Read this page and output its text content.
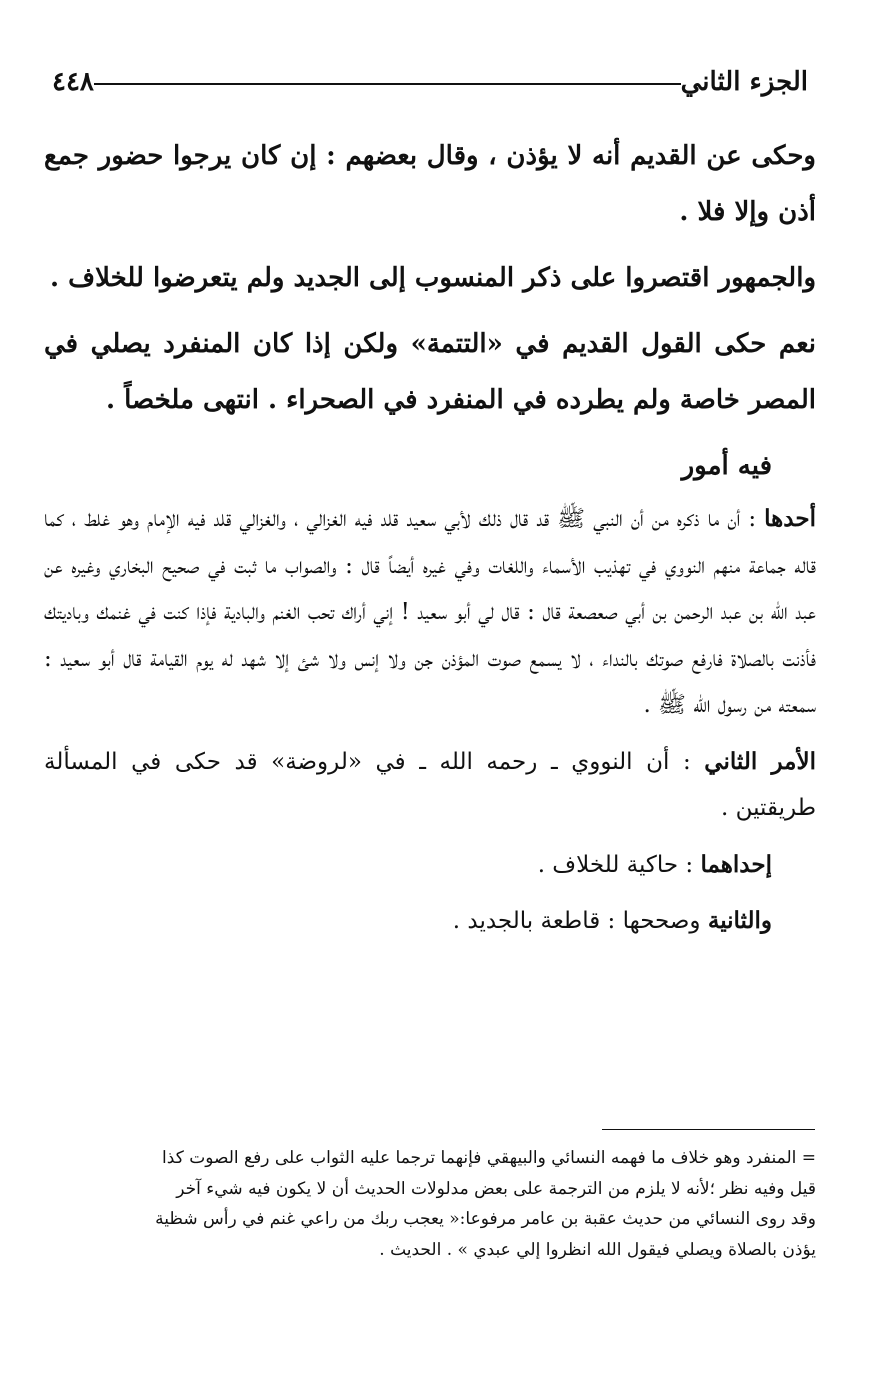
الجزء الثاني
٤٤٨

وحكى عن القديم أنه لا يؤذن ، وقال بعضهم : إن كان يرجوا حضور جمع أذن وإلا فلا .

والجمهور اقتصروا على ذكر المنسوب إلى الجديد ولم يتعرضوا للخلاف .

نعم حكى القول القديم في «التتمة» ولكن إذا كان المنفرد يصلي في المصر خاصة ولم يطرده في المنفرد في الصحراء . انتهى ملخصاً .

فيه أمور

أحدها : أن ما ذكره من أن النبي ﷺ قد قال ذلك لأبي سعيد قلد فيه الغزالي ، والغزالي قلد فيه الإمام وهو غلط ، كما قاله جماعة منهم النووي في تهذيب الأسماء واللغات وفي غيره أيضاً قال : والصواب ما ثبت في صحيح البخاري وغيره عن عبد الله بن عبد الرحمن بن أبي صعصعة قال : قال لي أبو سعيد ! إني أراك تحب الغنم والبادية فإذا كنت في غنمك وباديتك فأذنت بالصلاة فارفع صوتك بالنداء ، لا يسمع صوت المؤذن جن ولا إنس ولا شئ إلا شهد له يوم القيامة قال أبو سعيد : سمعته من رسول الله ﷺ .

الأمر الثاني : أن النووي ـ رحمه الله ـ في «لروضة» قد حكى في المسألة طريقتين .

إحداهما : حاكية للخلاف .

والثانية وصححها : قاطعة بالجديد .

= المنفرد وهو خلاف ما فهمه النسائي والبيهقي فإنهما ترجما عليه الثواب على رفع الصوت كذا

قيل وفيه نظر ؛لأنه لا يلزم من الترجمة على بعض مدلولات الحديث أن لا يكون فيه شيء آخر

وقد روى النسائي من حديث عقبة بن عامر مرفوعا:« يعجب ربك من راعي غنم في رأس شظية

يؤذن بالصلاة ويصلي فيقول الله انظروا إلي عبدي » . الحديث .
